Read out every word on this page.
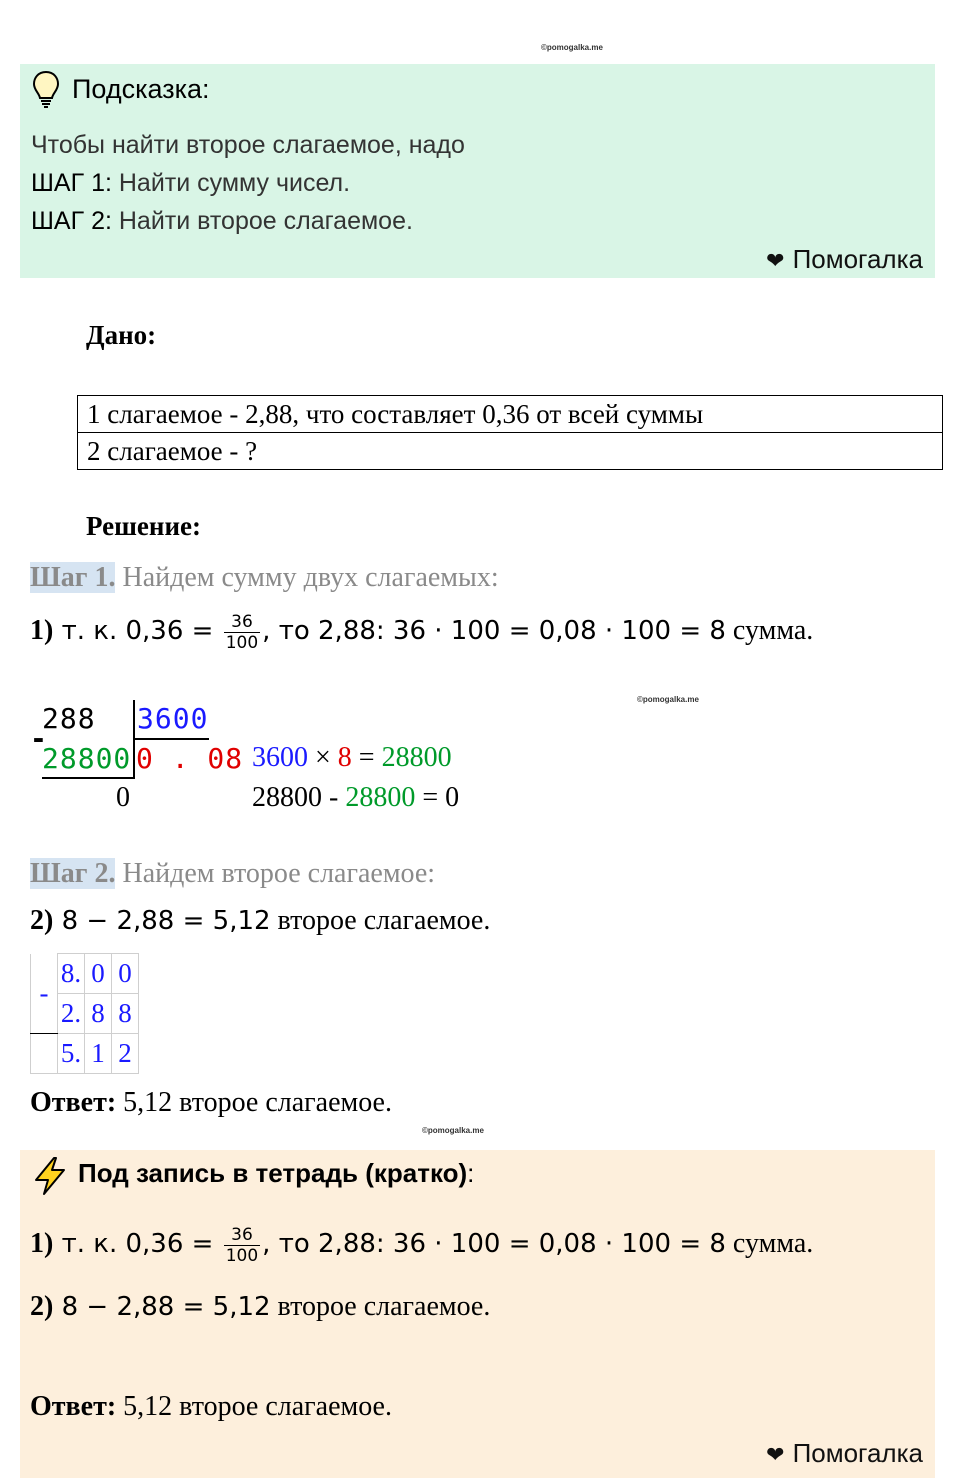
©pomogalka.me
©pomogalka.me
©pomogalka.me
Подсказка:
Чтобы найти второе слагаемое, надо
ШАГ 1: Найти сумму чисел.
ШАГ 2: Найти второе слагаемое.
❤ Помогалка
Дано:
1 слагаемое - 2,88, что составляет 0,36 от всей суммы
2 слагаемое - ?
Решение:
Шаг 1. Найдем сумму двух слагаемых:
1) т. к. $0,36 = \frac{36}{100}$ , то 2,88: 36 · 100 = 0,08 · 100 = 8 сумма.
288 3600
-
28800 0 . 08
0
3600 × 8 = 28800
28800 - 28800 = 0
Шаг 2. Найдем второе слагаемое:
2) 8 − 2,88 = 5,12 второе слагаемое.
-	8.	0	0
	2.	8	8
	5.	1	2
Ответ: 5,12 второе слагаемое.
Под запись в тетрадь (кратко):
1) т. к. $0,36 = \frac{36}{100}$ , то 2,88: 36 · 100 = 0,08 · 100 = 8 сумма.
2) 8 − 2,88 = 5,12 второе слагаемое.
Ответ: 5,12 второе слагаемое.
❤ Помогалка
